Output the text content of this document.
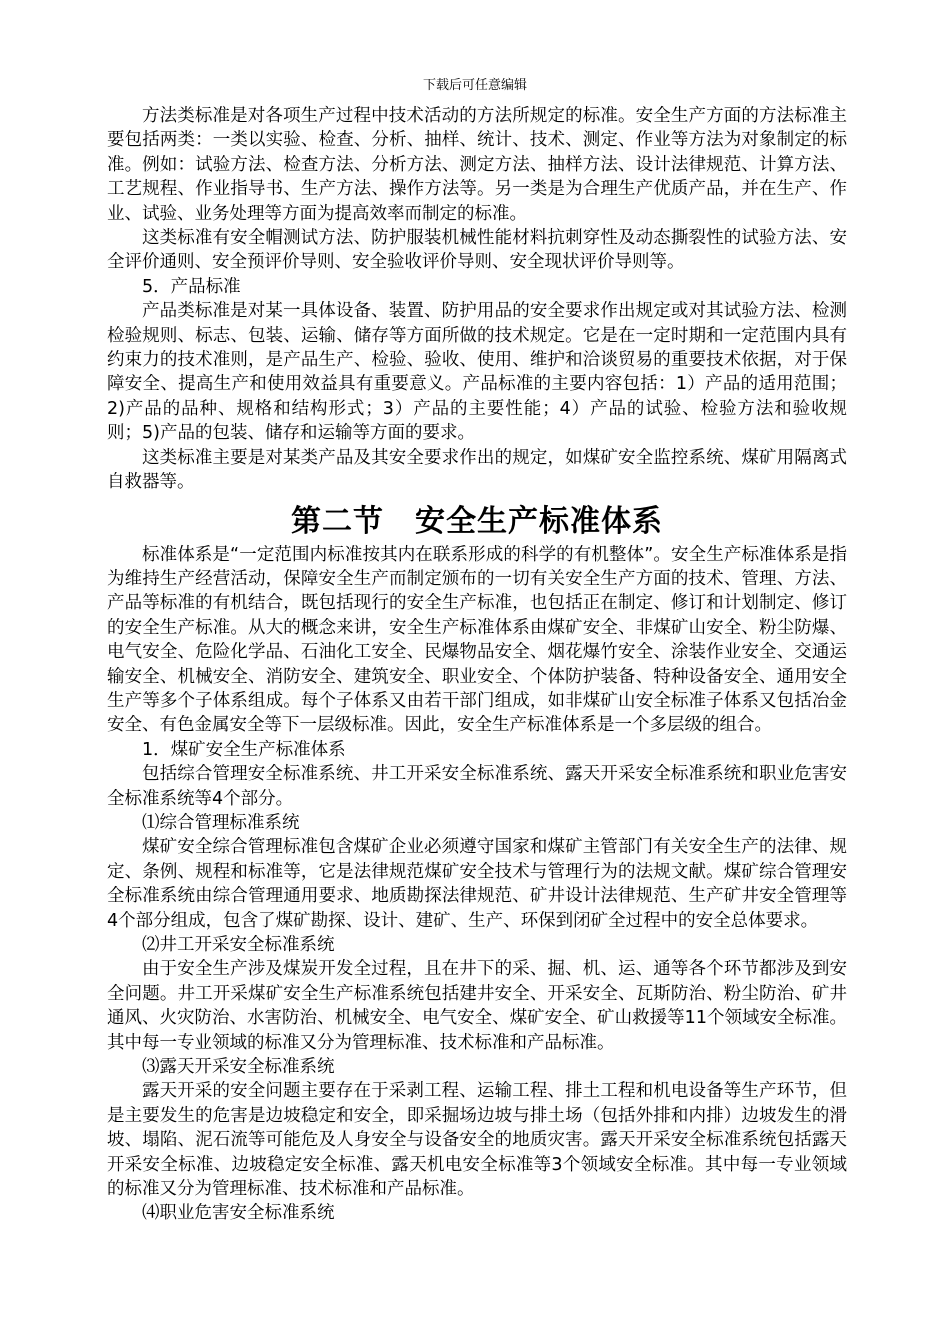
下载后可任意编辑

方法类标准是对各项生产过程中技术活动的方法所规定的标准。安全生产方面的方法标准主要包括两类：一类以实验、检查、分析、抽样、统计、技术、测定、作业等方法为对象制定的标准。例如：试验方法、检查方法、分析方法、测定方法、抽样方法、设计法律规范、计算方法、工艺规程、作业指导书、生产方法、操作方法等。另一类是为合理生产优质产品，并在生产、作业、试验、业务处理等方面为提高效率而制定的标准。

这类标准有安全帽测试方法、防护服装机械性能材料抗刺穿性及动态撕裂性的试验方法、安全评价通则、安全预评价导则、安全验收评价导则、安全现状评价导则等。

5．产品标准

产品类标准是对某一具体设备、装置、防护用品的安全要求作出规定或对其试验方法、检测检验规则、标志、包装、运输、储存等方面所做的技术规定。它是在一定时期和一定范围内具有约束力的技术准则，是产品生产、检验、验收、使用、维护和洽谈贸易的重要技术依据，对于保障安全、提高生产和使用效益具有重要意义。产品标准的主要内容包括：1）产品的适用范围；2)产品的品种、规格和结构形式；3）产品的主要性能；4）产品的试验、检验方法和验收规则；5)产品的包装、储存和运输等方面的要求。

这类标准主要是对某类产品及其安全要求作出的规定，如煤矿安全监控系统、煤矿用隔离式自救器等。

第二节　安全生产标准体系

标准体系是“一定范围内标准按其内在联系形成的科学的有机整体”。安全生产标准体系是指为维持生产经营活动，保障安全生产而制定颁布的一切有关安全生产方面的技术、管理、方法、产品等标准的有机结合，既包括现行的安全生产标准，也包括正在制定、修订和计划制定、修订的安全生产标准。从大的概念来讲，安全生产标准体系由煤矿安全、非煤矿山安全、粉尘防爆、电气安全、危险化学品、石油化工安全、民爆物品安全、烟花爆竹安全、涂装作业安全、交通运输安全、机械安全、消防安全、建筑安全、职业安全、个体防护装备、特种设备安全、通用安全生产等多个子体系组成。每个子体系又由若干部门组成，如非煤矿山安全标准子体系又包括冶金安全、有色金属安全等下一层级标准。因此，安全生产标准体系是一个多层级的组合。

1．煤矿安全生产标准体系

包括综合管理安全标准系统、井工开采安全标准系统、露天开采安全标准系统和职业危害安全标准系统等4个部分。

⑴综合管理标准系统

煤矿安全综合管理标准包含煤矿企业必须遵守国家和煤矿主管部门有关安全生产的法律、规定、条例、规程和标准等，它是法律规范煤矿安全技术与管理行为的法规文献。煤矿综合管理安全标准系统由综合管理通用要求、地质勘探法律规范、矿井设计法律规范、生产矿井安全管理等4个部分组成，包含了煤矿勘探、设计、建矿、生产、环保到闭矿全过程中的安全总体要求。

⑵井工开采安全标准系统

由于安全生产涉及煤炭开发全过程，且在井下的采、掘、机、运、通等各个环节都涉及到安全问题。井工开采煤矿安全生产标准系统包括建井安全、开采安全、瓦斯防治、粉尘防治、矿井通风、火灾防治、水害防治、机械安全、电气安全、煤矿安全、矿山救援等11个领域安全标准。其中每一专业领域的标准又分为管理标准、技术标准和产品标准。

⑶露天开采安全标准系统

露天开采的安全问题主要存在于采剥工程、运输工程、排土工程和机电设备等生产环节，但是主要发生的危害是边坡稳定和安全，即采掘场边坡与排土场（包括外排和内排）边坡发生的滑坡、塌陷、泥石流等可能危及人身安全与设备安全的地质灾害。露天开采安全标准系统包括露天开采安全标准、边坡稳定安全标准、露天机电安全标准等3个领域安全标准。其中每一专业领域的标准又分为管理标准、技术标准和产品标准。

⑷职业危害安全标准系统
